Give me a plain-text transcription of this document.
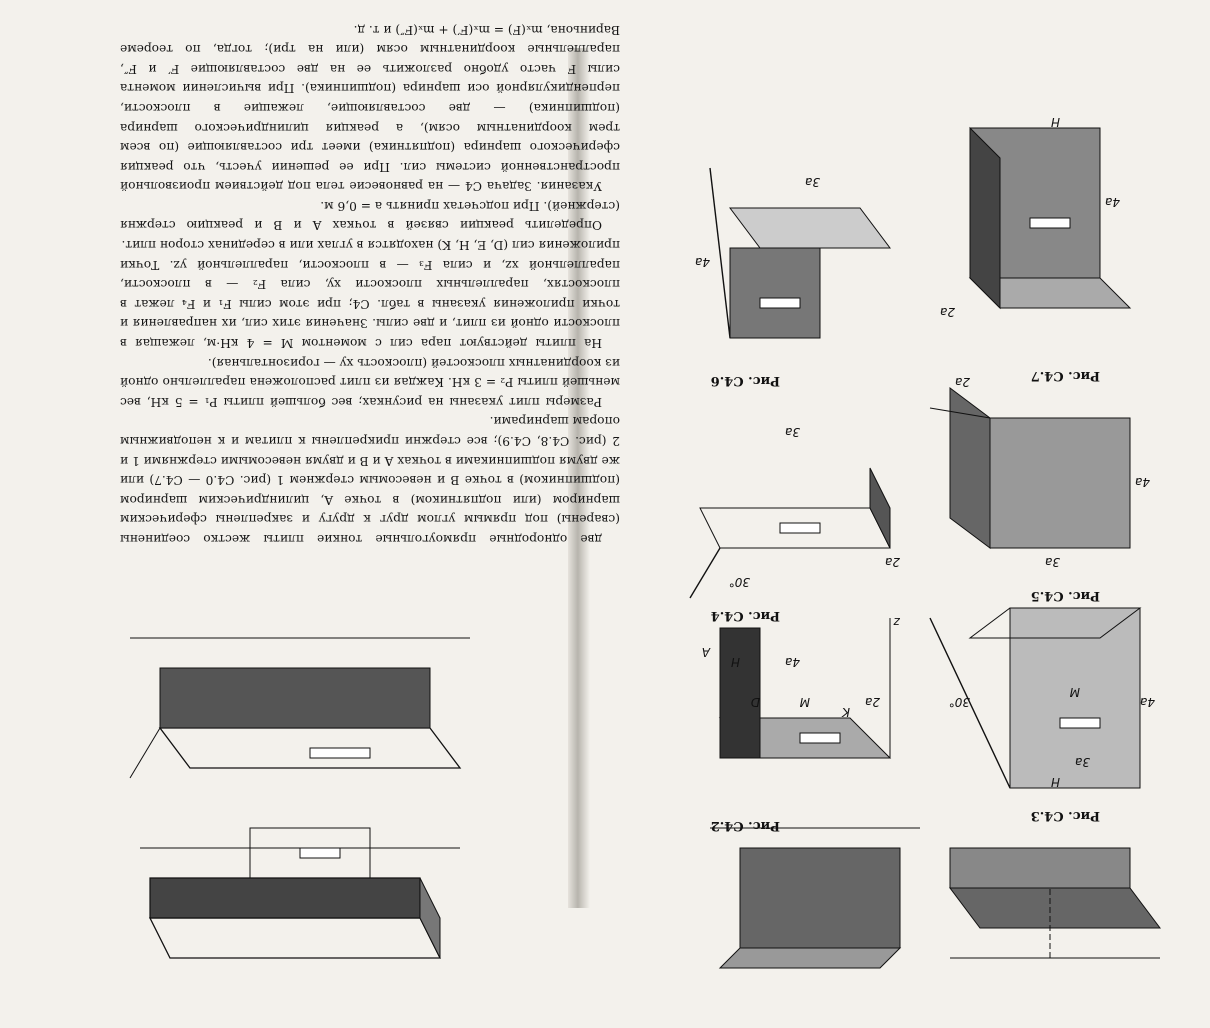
4a
2a
K
M
D
H
A
z
3a
H
M
30°	4a
3a
2a
30°
4a
3a
2a
3a
4a
4a
H
2a
Рис. C4.2
Рис. C4.3
Рис. C4.4
Рис. C4.5
Рис. C4.6	Рис. C4.7

две однородные прямоугольные тонкие плиты жестко соединены (сварены) под прямым углом друг к другу и закреплены сферическим шарниром (или подпятником) в точке A, цилиндрическим шарниром (подшипником) в точке B и невесомым стержнем 1 (рис. C4.0 — C4.7) или же двумя подшипниками в точках A и B и двумя невесомыми стержнями 1 и 2 (рис. C4.8, C4.9); все стержни прикреплены к плитам и к неподвижным опорам шарнирами.

Размеры плит указаны на рисунках; вес большей плиты P₁ = 5 кН, вес меньшей плиты P₂ = 3 кН. Каждая из плит расположена параллельно одной из координатных плоскостей (плоскость xy — горизонтальная).

На плиты действуют пара сил с моментом M = 4 кН·м, лежащая в плоскости одной из плит, и две силы. Значения этих сил, их направления и точки приложения указаны в табл. C4; при этом силы F₁ и F₄ лежат в плоскостях, параллельных плоскости xy, сила F₂ — в плоскости, параллельной xz, и сила F₃ — в плоскости, параллельной yz. Точки приложения сил (D, E, H, K) находятся в углах или в серединах сторон плит.

Определить реакции связей в точках A и B и реакцию стержня (стержней). При подсчетах принять a = 0,6 м.

Указания. Задача C4 — на равновесие тела под действием произвольной пространственной системы сил. При ее решении учесть, что реакция сферического шарнира (подпятника) имеет три составляющие (по всем трем координатным осям), а реакция цилиндрического шарнира (подшипника) — две составляющие, лежащие в плоскости, перпендикулярной оси шарнира (подшипника). При вычислении момента силы F часто удобно разложить ее на две составляющие F′ и F″, параллельные координатным осям (или на три); тогда, по теореме Вариньона, mₓ(F) = mₓ(F′) + mₓ(F″) и т. д.
